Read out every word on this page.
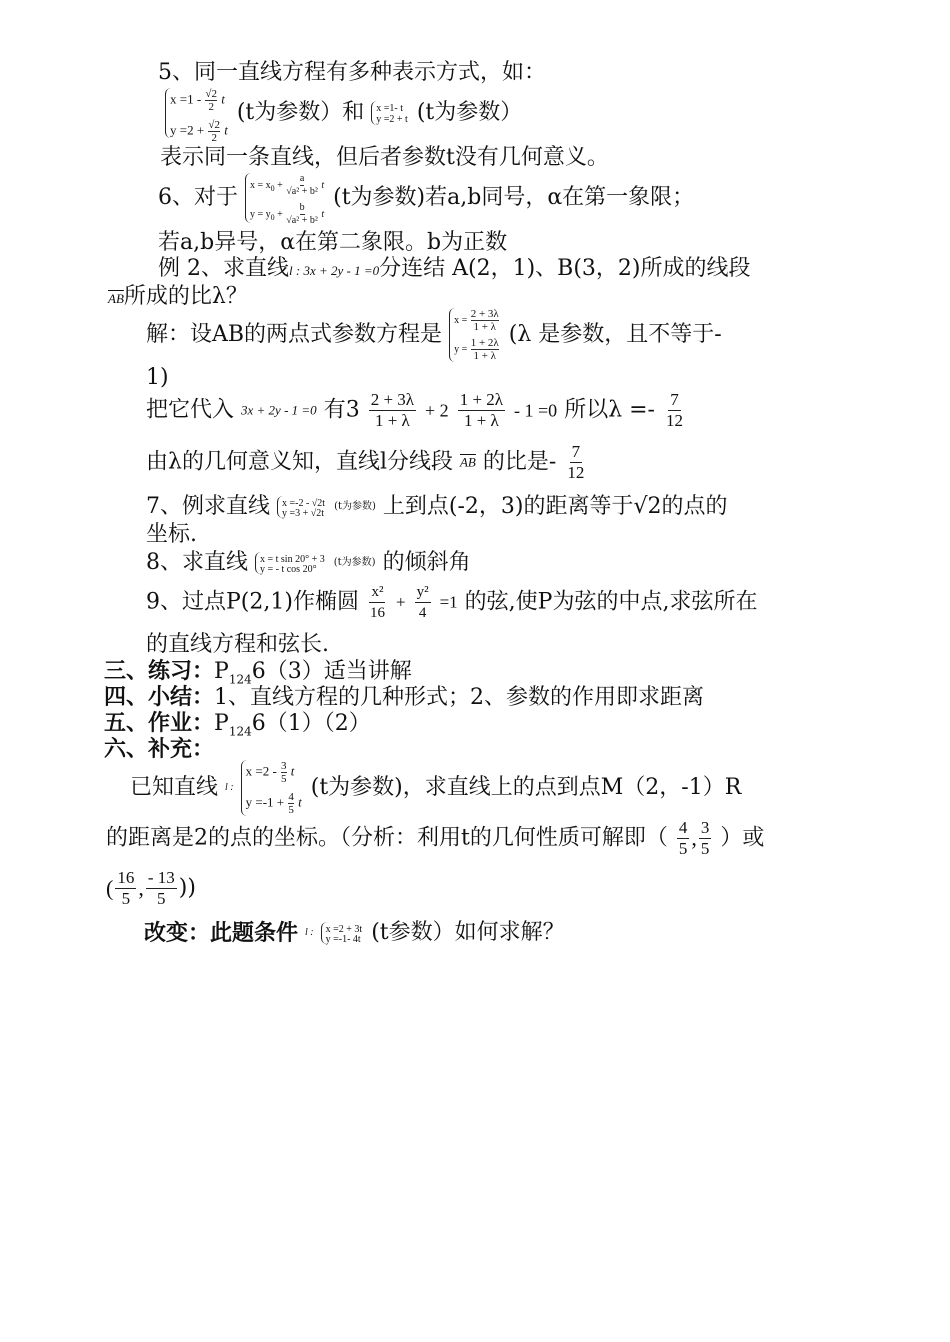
5、同一直线方程有多种表示方式，如：
$x =1 - \frac{√2}{2}$ t
$y =2 + \frac{√2}{2}$ t
(t为参数）和 x =1- t
y =2 + t (t为参数）
表示同一条直线，但后者参数t没有几何意义。
6、对于 $x = x_0 + \frac{a}{\text{√a² + b²}}$ t
$y = y_0 + \frac{b}{\text{√a² + b²}}$ t
(t为参数)若a,b同号，α在第一象限；
若a,b异号，α在第二象限。b为正数
例 2、求直线l : 3x + 2y - 1 =0分连结 A(2，1)、B(3，2)所成的线段
$\overline{AB}$所成的比λ？
解：设AB的两点式参数方程是
$x = \frac{2 + 3\lambda}{1 + \lambda}$
$y = \frac{1 + 2\lambda}{1 + \lambda}$
(λ 是参数，且不等于-
1)
把它代入 3x + 2y - 1 =0 有$3 \frac{2 + 3\lambda}{1 + \lambda} + 2 \frac{1 + 2\lambda}{1 + \lambda} - 1 =0$ 所以$\lambda =- \frac{7}{12}$
由λ的几何意义知，直线l分线段 $\overline{AB}$ 的比是- $\frac{7}{12}$
7、例求直线 x =-2 - √2t
y =3 + √2t
(t为参数) 上到点(-2，3)的距离等于√2的点的
坐标.
8、求直线 x = t sin 20° + 3
y = - t cos 20°
(t为参数) 的倾斜角
9、过点P(2,1)作椭圆 $\frac{\text{x²}}{16} + \frac{\text{y²}}{4} =1$ 的弦,使P为弦的中点,求弦所在
的直线方程和弦长.
三、练习：$P_{124}6(3)$适当讲解
四、小结：1、直线方程的几种形式；2、参数的作用即求距离
五、作业：$P_{124}6(1)(2)$
六、补充：
已知直线 l :
$x =2 - \frac{3}{5}$ t
$y =-1 + \frac{4}{5}$ t
(t为参数)，求直线上的点到点M（2，-1）R
的距离是2的点的坐标。（分析：利用t的几何性质可解即（ $\frac{4}{5}$ , $\frac{3}{5}$ ）或
( $\frac{16}{5}$ , $\frac{- 13}{5}$ ))
改变：此题条件 l : x =2 + 3t
y =-1- 4t (t参数）如何求解？
